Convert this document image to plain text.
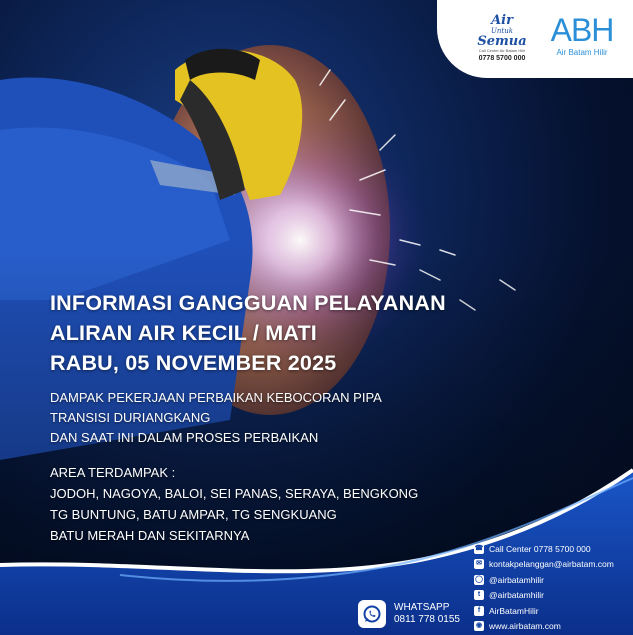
Air
Untuk
Semua
Call Center Air Batam Hilir
0778 5700 000
ABH
Air Batam Hilir
INFORMASI GANGGUAN PELAYANAN
ALIRAN AIR KECIL / MATI
RABU, 05 NOVEMBER 2025
DAMPAK PEKERJAAN PERBAIKAN KEBOCORAN PIPA
TRANSISI DURIANGKANG
DAN SAAT INI DALAM PROSES PERBAIKAN
AREA TERDAMPAK :
JODOH, NAGOYA, BALOI, SEI PANAS, SERAYA, BENGKONG
TG BUNTUNG, BATU AMPAR, TG SENGKUANG
BATU MERAH DAN SEKITARNYA
WHATSAPP
0811 778 0155
☎ Call Center 0778 5700 000
✉ kontakpelanggan@airbatam.com
◯ @airbatamhilir
t	@airbatamhilir
f	AirBatamHilir
◉ www.airbatam.com
